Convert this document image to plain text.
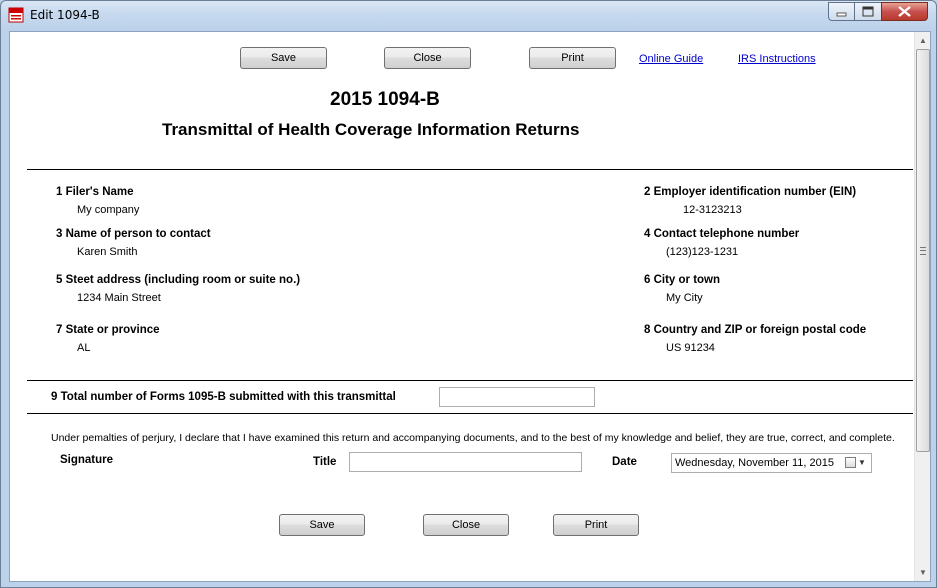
Edit 1094-B
Save	Close	Print	Online Guide	IRS Instructions
2015 1094-B
Transmittal of Health Coverage Information Returns
1 Filer's Name
My company
2 Employer identification number (EIN)
12-3123213
3 Name of person to contact
Karen Smith
4 Contact telephone number
(123)123-1231
5 Steet address (including room or suite no.)
1234 Main Street
6 City or town
My City
7 State or province
AL
8 Country and ZIP or foreign postal code
US 91234
9 Total number of Forms 1095-B submitted with this transmittal
Under pemalties of perjury, I declare that I have examined this return and accompanying documents, and to the best of my knowledge and belief, they are true, correct, and complete.
Signature	Title	Date	Wednesday, November 11, 2015	▼
Save	Close	Print
▲
▼
